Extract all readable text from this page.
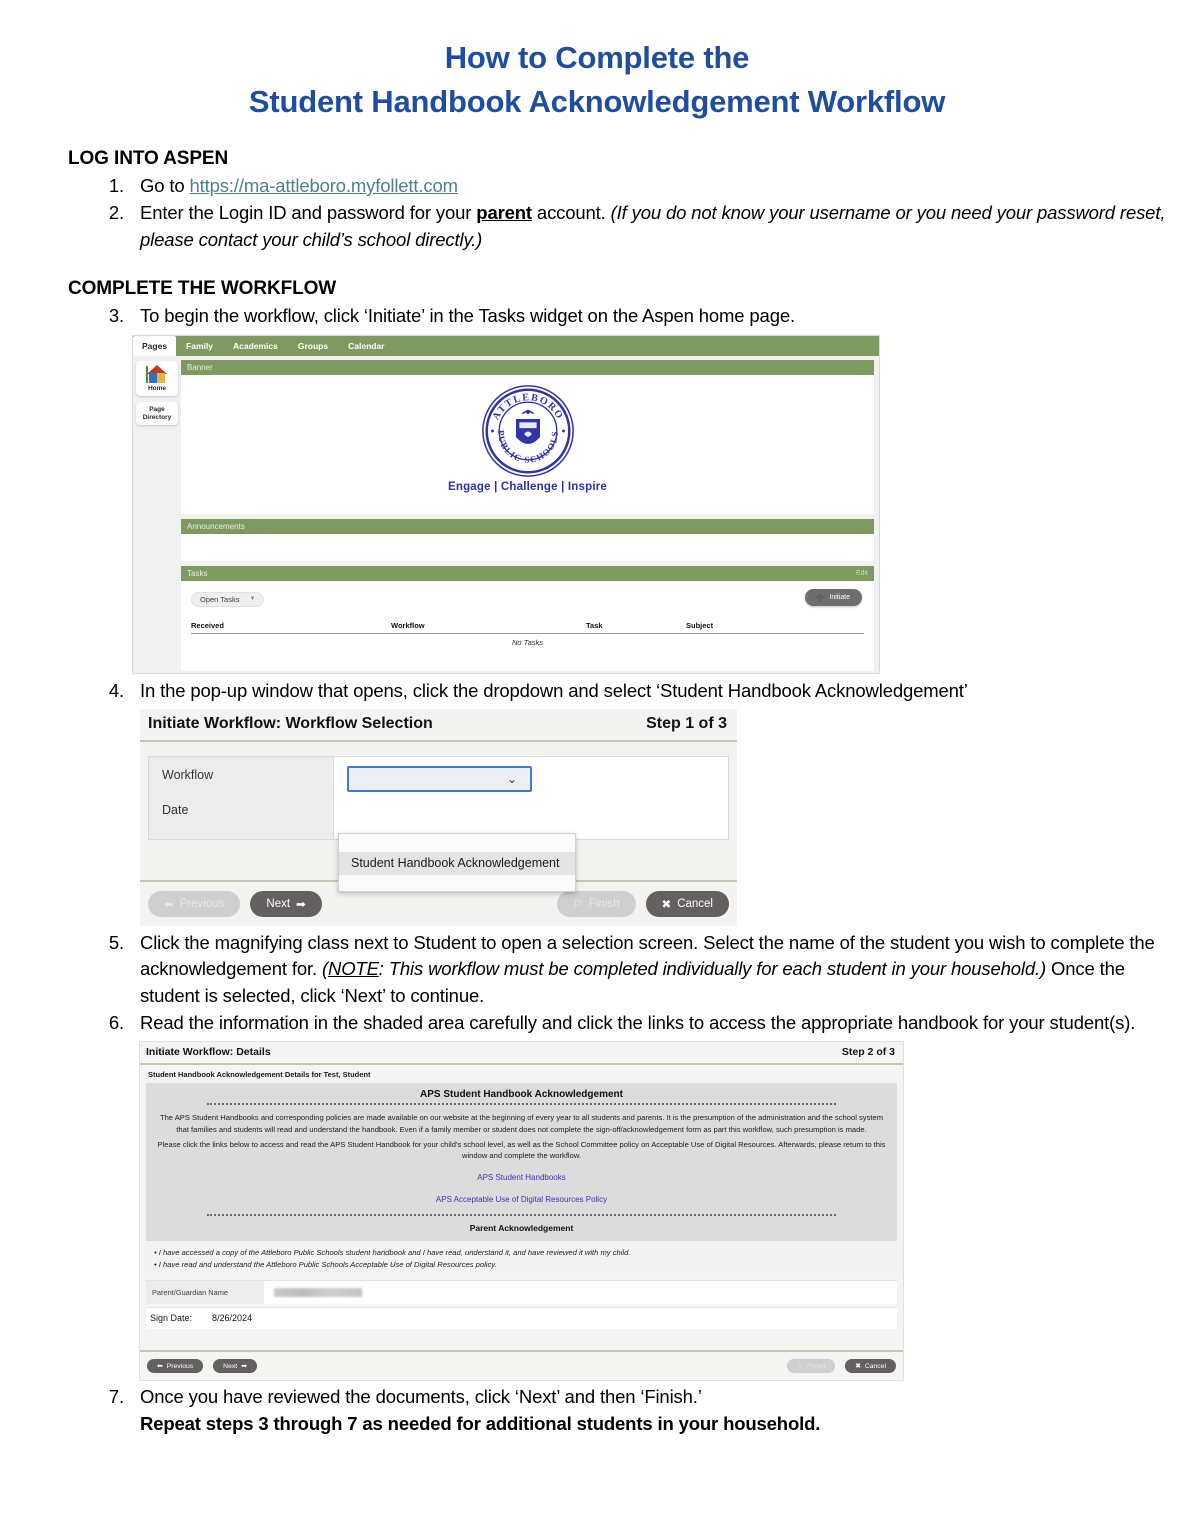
How to Complete the
Student Handbook Acknowledgement Workflow
LOG INTO ASPEN
1. Go to https://ma-attleboro.myfollett.com
2. Enter the Login ID and password for your parent account. (If you do not know your username or you need your password reset, please contact your child’s school directly.)
COMPLETE THE WORKFLOW
3. To begin the workflow, click ‘Initiate’ in the Tasks widget on the Aspen home page.
Pages	Family	Academics	Groups	Calendar
Home
Page Directory
Banner
ATTLEBORO
PUBLIC SCHOOLS
Engage | Challenge | Inspire
Announcements
Tasks	Edit
Open Tasks ▼	➕ Initiate
Received	Workflow	Task	Subject
No Tasks
4. In the pop-up window that opens, click the dropdown and select ‘Student Handbook Acknowledgement’
Initiate Workflow: Workflow Selection	Step 1 of 3
Workflow
Date
⌄
Student Handbook Acknowledgement
⬅ Previous	Next ➡	⚐ Finish	✖ Cancel
5. Click the magnifying class next to Student to open a selection screen. Select the name of the student you wish to complete the acknowledgement for. (NOTE: This workflow must be completed individually for each student in your household.) Once the student is selected, click ‘Next’ to continue.
6. Read the information in the shaded area carefully and click the links to access the appropriate handbook for your student(s).
Initiate Workflow: Details	Step 2 of 3
Student Handbook Acknowledgement Details for Test, Student
APS Student Handbook Acknowledgement
The APS Student Handbooks and corresponding policies are made available on our website at the beginning of every year to all students and parents. It is the presumption of the administration and the school system that families and students will read and understand the handbook. Even if a family member or student does not complete the sign-off/acknowledgement form as part this workflow, such presumption is made.
Please click the links below to access and read the APS Student Handbook for your child’s school level, as well as the School Committee policy on Acceptable Use of Digital Resources. Afterwards, please return to this window and complete the workflow.
APS Student Handbooks
APS Acceptable Use of Digital Resources Policy
Parent Acknowledgement
• I have accessed a copy of the Attleboro Public Schools student handbook and I have read, understand it, and have reviewed it with my child.
• I have read and understand the Attleboro Public Schools Acceptable Use of Digital Resources policy.
Parent/Guardian Name
Sign Date: 8/26/2024
⬅ Previous	Next ➡	⚐ Finish	✖ Cancel
7. Once you have reviewed the documents, click ‘Next’ and then ‘Finish.’
Repeat steps 3 through 7 as needed for additional students in your household.
